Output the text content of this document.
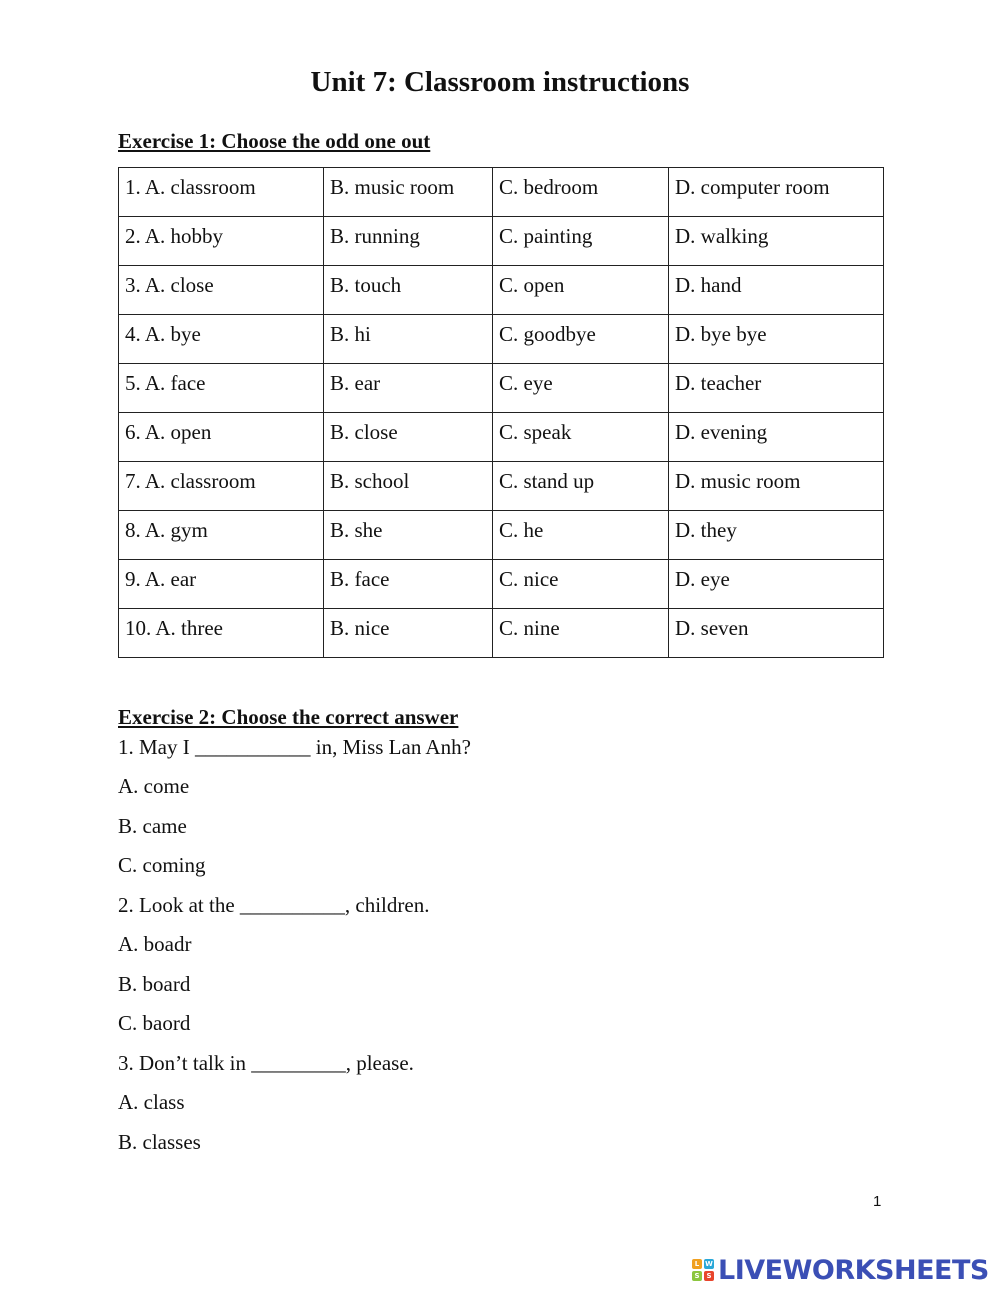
Unit 7: Classroom instructions
Exercise 1: Choose the odd one out
1. A. classroom	B. music room	C. bedroom	D. computer room
2. A. hobby	B. running	C. painting	D. walking
3. A. close	B. touch	C. open	D. hand
4. A. bye	B. hi	C. goodbye	D. bye bye
5. A. face	B. ear	C. eye	D. teacher
6. A. open	B. close	C. speak	D. evening
7. A. classroom	B. school	C. stand up	D. music room
8. A. gym	B. she	C. he	D. they
9. A. ear	B. face	C. nice	D. eye
10. A. three	B. nice	C. nine	D. seven
Exercise 2: Choose the correct answer
1. May I ___________ in, Miss Lan Anh?
A. come
B. came
C. coming
2. Look at the __________, children.
A. boadr
B. board
C. baord
3. Don’t talk in _________, please.
A. class
B. classes
1
L W
S S LIVEWORKSHEETS
